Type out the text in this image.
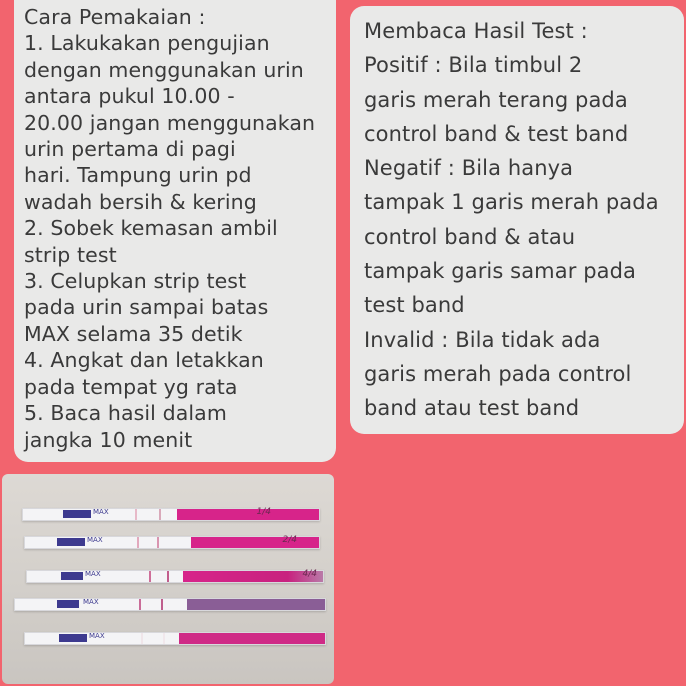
Cara Pemakaian :
1. Lakukakan pengujian
dengan menggunakan urin
antara pukul 10.00 -
20.00 jangan menggunakan
urin pertama di pagi
hari. Tampung urin pd
wadah bersih & kering
2. Sobek kemasan ambil
strip test
3. Celupkan strip test
pada urin sampai batas
MAX selama 35 detik
4. Angkat dan letakkan
pada tempat yg rata
5. Baca hasil dalam
jangka 10 menit
Membaca Hasil Test :
Positif : Bila timbul 2
garis merah terang pada
control band & test band
Negatif : Bila hanya
tampak 1 garis merah pada
control band & atau
tampak garis samar pada
test band
Invalid : Bila tidak ada
garis merah pada control
band atau test band
MAX	1/4
MAX	2/4
MAX	4/4
MAX
MAX
